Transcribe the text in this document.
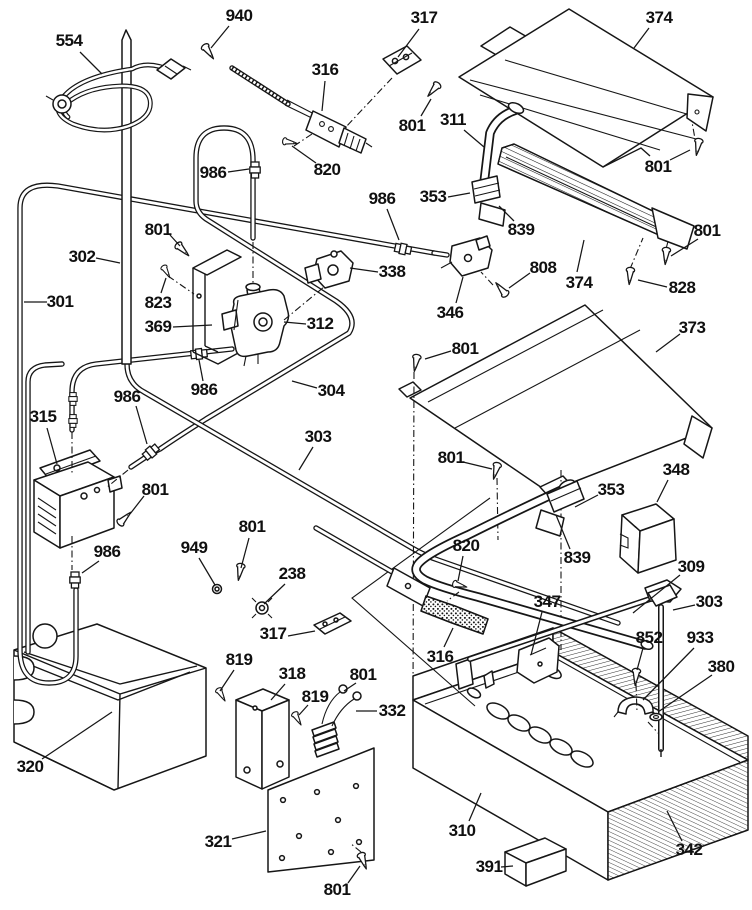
554
940
316
986	820
801
317	374
801 311
801
353
839	801
986
302
301	823
369	312
338
986
986	304
303
315
801
949
801
986
238
317
801
353
348
820
839	309
303
347
852 933
380
316
819
318
819
801
332
320
321
801
310
391
342
373
374	828
808
346
801
